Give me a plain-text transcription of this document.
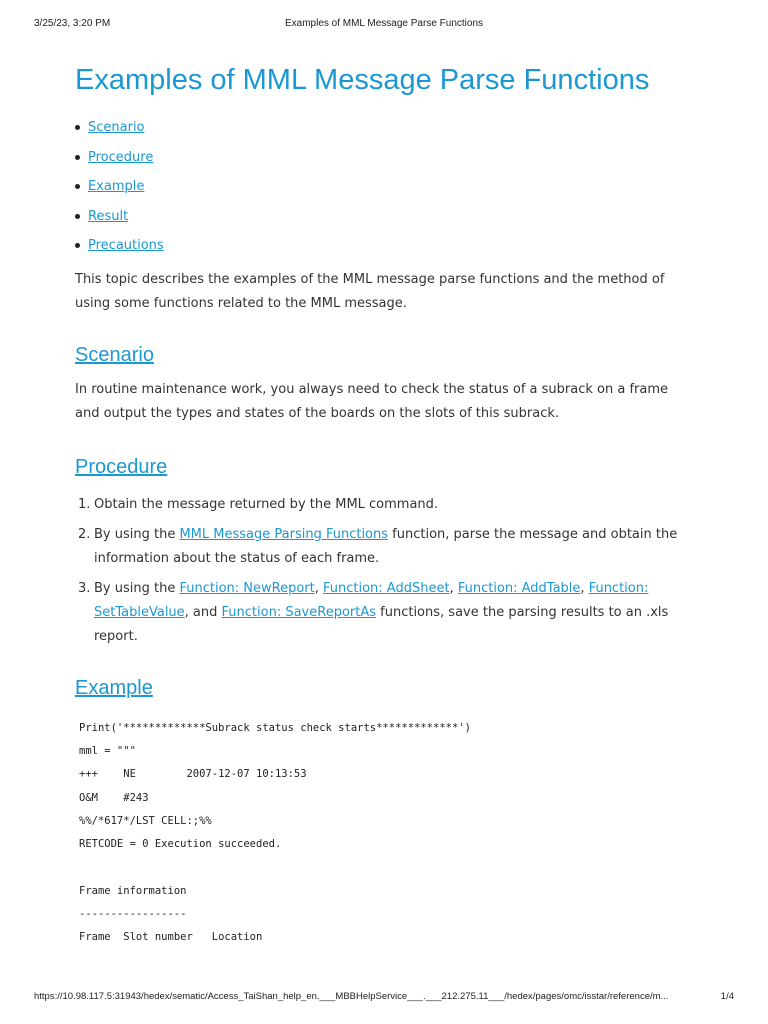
3/25/23, 3:20 PM	Examples of MML Message Parse Functions
Examples of MML Message Parse Functions
Scenario
Procedure
Example
Result
Precautions

This topic describes the examples of the MML message parse functions and the method of using some functions related to the MML message.

Scenario

In routine maintenance work, you always need to check the status of a subrack on a frame and output the types and states of the boards on the slots of this subrack.

Procedure
1. Obtain the message returned by the MML command.
2. By using the MML Message Parsing Functions function, parse the message and obtain the information about the status of each frame.
3. By using the Function: NewReport, Function: AddSheet, Function: AddTable, Function: SetTableValue, and Function: SaveReportAs functions, save the parsing results to an .xls report.
Example
Print('*************Subrack status check starts*************')
mml = """
+++    NE        2007-12-07 10:13:53
O&M    #243
%%/*617*/LST CELL:;%%
RETCODE = 0 Execution succeeded.
Frame information
-----------------
Frame  Slot number   Location
https://10.98.117.5:31943/hedex/sematic/Access_TaiShan_help_en.___MBBHelpService___.___212.275.11___/hedex/pages/omc/isstar/reference/m...	1/4
